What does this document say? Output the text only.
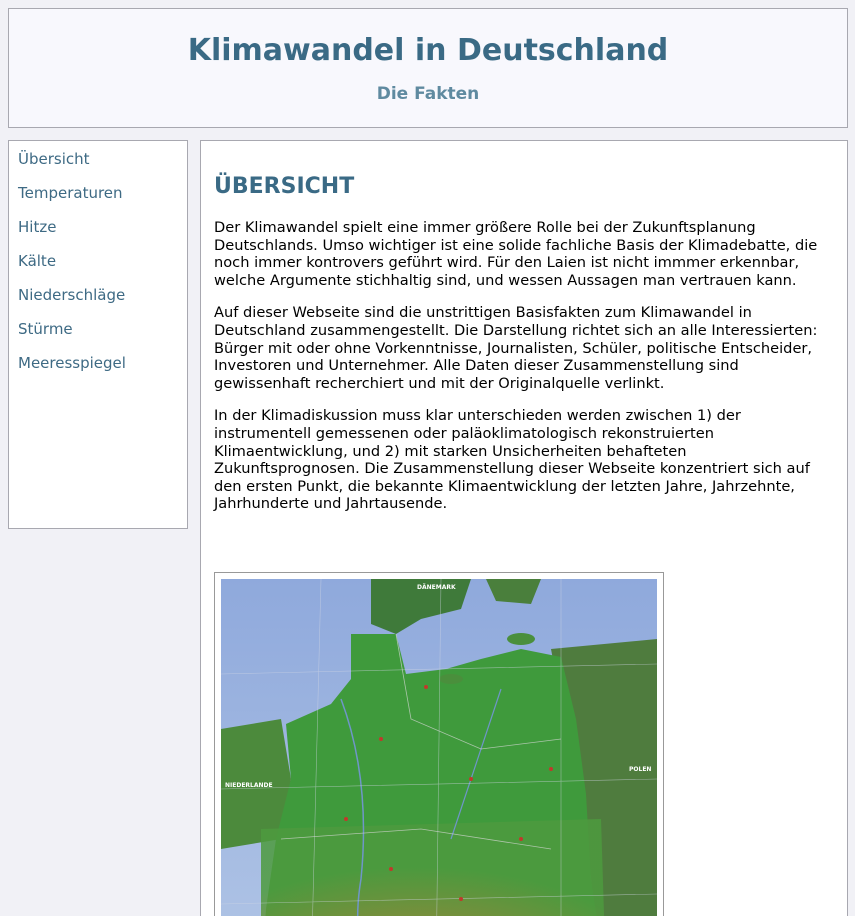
Klimawandel in Deutschland
Die Fakten
Übersicht
Temperaturen
Hitze
Kälte
Niederschläge
Stürme
Meeresspiegel
ÜBERSICHT

Der Klimawandel spielt eine immer größere Rolle bei der Zukunftsplanung Deutschlands. Umso wichtiger ist eine solide fachliche Basis der Klimadebatte, die noch immer kontrovers geführt wird. Für den Laien ist nicht immmer erkennbar, welche Argumente stichhaltig sind, und wessen Aussagen man vertrauen kann.

Auf dieser Webseite sind die unstrittigen Basisfakten zum Klimawandel in Deutschland zusammengestellt. Die Darstellung richtet sich an alle Interessierten: Bürger mit oder ohne Vorkenntnisse, Journalisten, Schüler, politische Entscheider, Investoren und Unternehmer. Alle Daten dieser Zusammenstellung sind gewissenhaft recherchiert und mit der Originalquelle verlinkt.

In der Klimadiskussion muss klar unterschieden werden zwischen 1) der instrumentell gemessenen oder paläoklimatologisch rekonstruierten Klimaentwicklung, und 2) mit starken Unsicherheiten behafteten Zukunftsprognosen. Die Zusammenstellung dieser Webseite konzentriert sich auf den ersten Punkt, die bekannte Klimaentwicklung der letzten Jahre, Jahrzehnte, Jahrhunderte und Jahrtausende.

DÄNEMARK
NIEDERLANDE
POLEN
